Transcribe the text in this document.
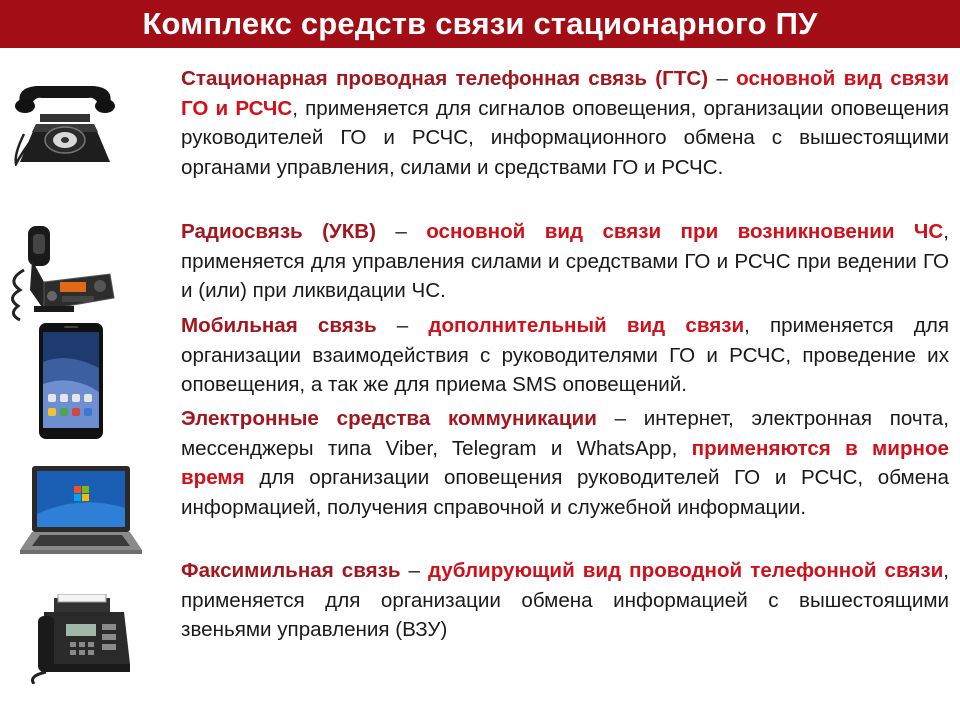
Комплекс средств связи стационарного ПУ

Стационарная проводная телефонная связь (ГТС) – основной вид связи ГО и РСЧС, применяется для сигналов оповещения, организации оповещения руководителей ГО и РСЧС, информационного обмена с вышестоящими органами управления, силами и средствами ГО и РСЧС.

Радиосвязь (УКВ) – основной вид связи при возникновении ЧС, применяется для управления силами и средствами ГО и РСЧС при ведении ГО и (или) при ликвидации ЧС.

Мобильная связь – дополнительный вид связи, применяется для организации взаимодействия с руководителями ГО и РСЧС, проведение их оповещения, а так же для приема SMS оповещений.

Электронные средства коммуникации – интернет, электронная почта, мессенджеры типа Viber, Telegram и WhatsApp, применяются в мирное время для организации оповещения руководителей ГО и РСЧС, обмена информацией, получения справочной и служебной информации.

Факсимильная связь – дублирующий вид проводной телефонной связи, применяется для организации обмена информацией с вышестоящими звеньями управления (ВЗУ)
